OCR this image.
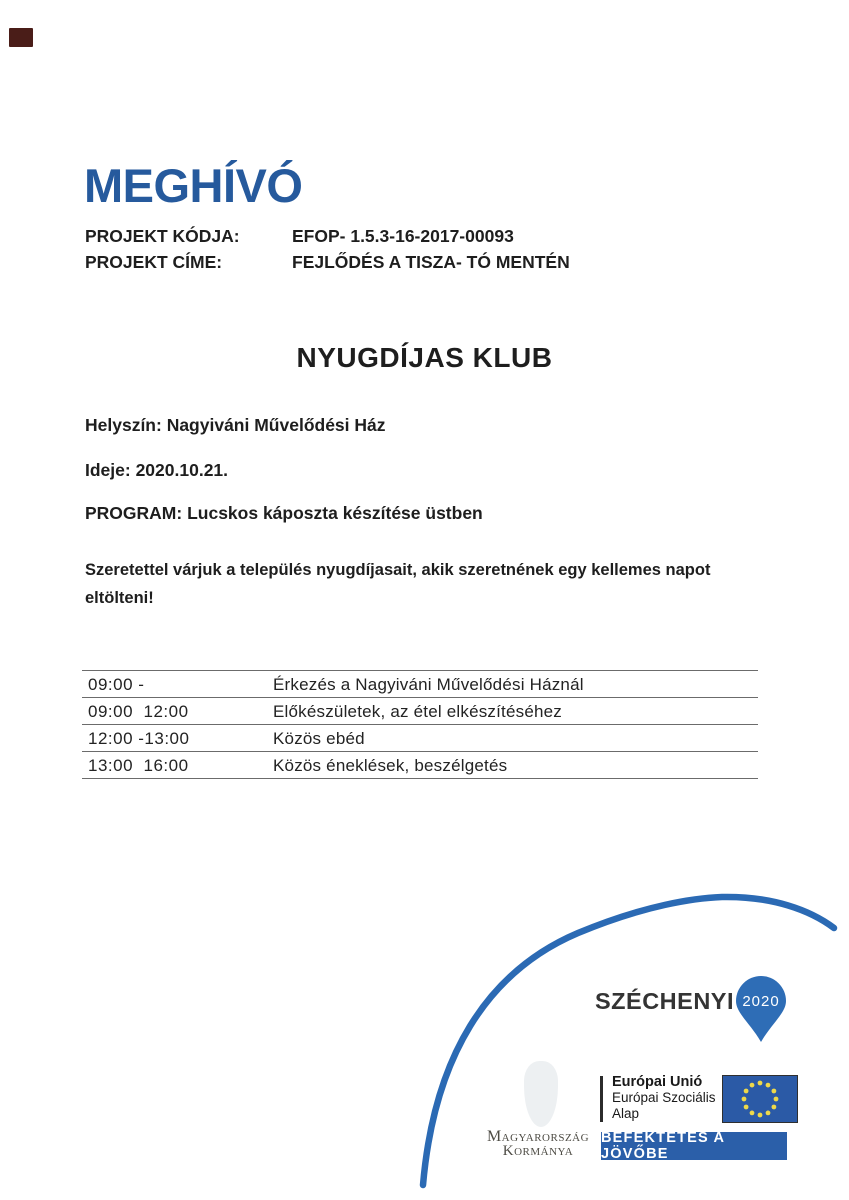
MEGHÍVÓ
PROJEKT KÓDJA:	EFOP- 1.5.3-16-2017-00093
PROJEKT CÍME:	FEJLŐDÉS A TISZA- TÓ MENTÉN
NYUGDÍJAS KLUB
Helyszín: Nagyiváni Művelődési Ház
Ideje: 2020.10.21.
PROGRAM: Lucskos káposzta készítése üstben
Szeretettel várjuk a település nyugdíjasait, akik szeretnének egy kellemes napot
eltölteni!
09:00 -	Érkezés a Nagyiváni Művelődési Háznál
09:00  12:00	Előkészületek, az étel elkészítéséhez
12:00 -13:00	Közös ebéd
13:00  16:00	Közös éneklések, beszélgetés
SZÉCHENYI 2020
Magyarország
Kormánya
Európai Unió
Európai Szociális
Alap
BEFEKTETÉS A JÖVŐBE
